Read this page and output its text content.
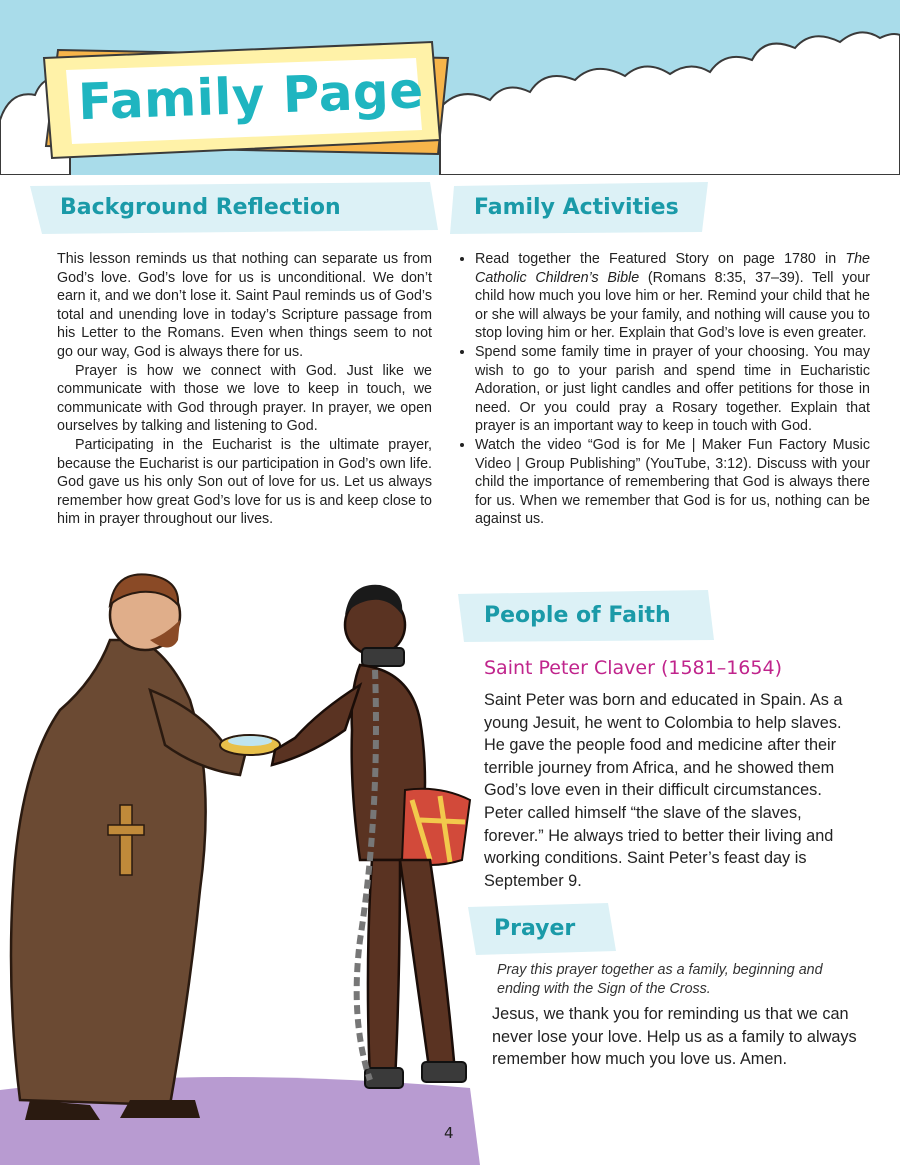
Family Page
Background Reflection

This lesson reminds us that nothing can separate us from God’s love. God’s love for us is unconditional. We don’t earn it, and we don’t lose it. Saint Paul reminds us of God’s total and unending love in today’s Scripture passage from his Letter to the Romans. Even when things seem to not go our way, God is always there for us.

Prayer is how we connect with God. Just like we communicate with those we love to keep in touch, we communicate with God through prayer. In prayer, we open ourselves by talking and listening to God.

Participating in the Eucharist is the ultimate prayer, because the Eucharist is our participation in God’s own life. God gave us his only Son out of love for us. Let us always remember how great God’s love for us is and keep close to him in prayer throughout our lives.

Family Activities
• Read together the Featured Story on page 1780 in The Catholic Children’s Bible (Romans 8:35, 37–39). Tell your child how much you love him or her. Remind your child that he or she will always be your family, and nothing will cause you to stop loving him or her. Explain that God’s love is even greater.
• Spend some family time in prayer of your choosing. You may wish to go to your parish and spend time in Eucharistic Adoration, or just light candles and offer petitions for those in need. Or you could pray a Rosary together. Explain that prayer is an important way to keep in touch with God.
• Watch the video “God is for Me | Maker Fun Factory Music Video | Group Publishing” (YouTube, 3:12). Discuss with your child the importance of remembering that God is always there for us. When we remember that God is for us, nothing can be against us.
People of Faith
Saint Peter Claver (1581–1654)
Saint Peter was born and educated in Spain. As a young Jesuit, he went to Colombia to help slaves. He gave the people food and medicine after their terrible journey from Africa, and he showed them God’s love even in their difficult circumstances. Peter called himself “the slave of the slaves, forever.” He always tried to better their living and working conditions. Saint Peter’s feast day is September 9.
Prayer
Pray this prayer together as a family, beginning and ending with the Sign of the Cross.
Jesus, we thank you for reminding us that we can never lose your love. Help us as a family to always remember how much you love us. Amen.
4
